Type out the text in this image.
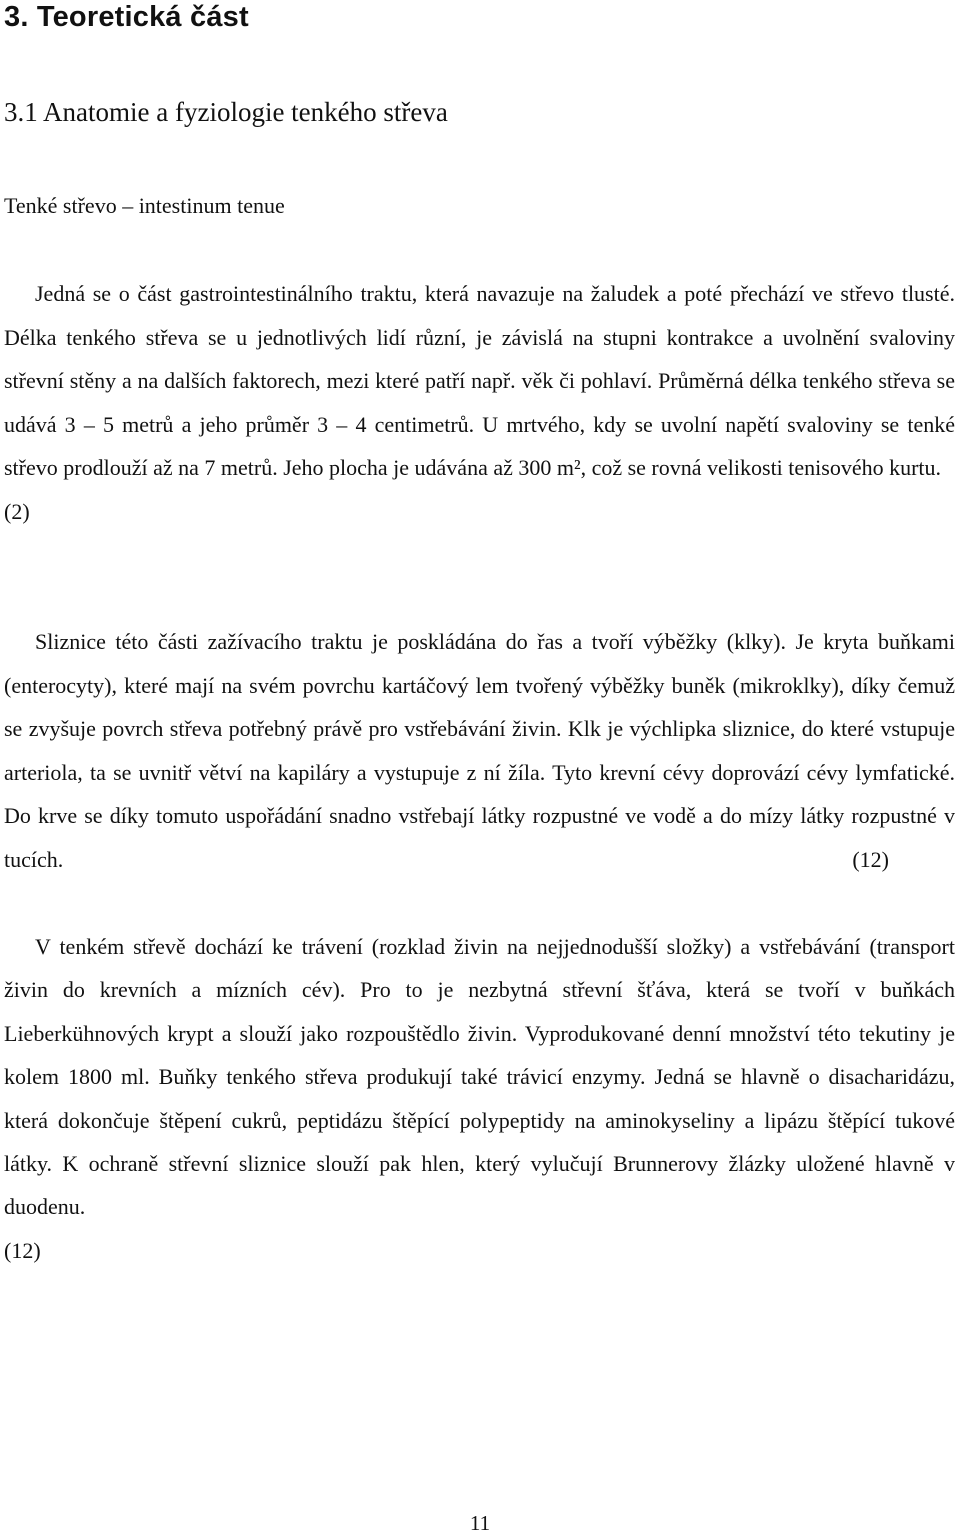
3. Teoretická část
3.1 Anatomie a fyziologie tenkého střeva

Tenké střevo – intestinum tenue

Jedná se o část gastrointestinálního traktu, která navazuje na žaludek a poté přechází ve střevo tlusté. Délka tenkého střeva se u jednotlivých lidí různí, je závislá na stupni kontrakce a uvolnění svaloviny střevní stěny a na dalších faktorech, mezi které patří např. věk či pohlaví. Průměrná délka tenkého střeva se udává 3 – 5 metrů a jeho průměr 3 – 4 centimetrů. U mrtvého, kdy se uvolní napětí svaloviny se tenké střevo prodlouží až na 7 metrů. Jeho plocha je udávána až 300 m², což se rovná velikosti tenisového kurtu.
(2)

Sliznice této části zažívacího traktu je poskládána do řas a tvoří výběžky (klky). Je kryta buňkami (enterocyty), které mají na svém povrchu kartáčový lem tvořený výběžky buněk (mikroklky), díky čemuž se zvyšuje povrch střeva potřebný právě pro vstřebávání živin. Klk je výchlipka sliznice, do které vstupuje arteriola, ta se uvnitř větví na kapiláry a vystupuje z ní žíla. Tyto krevní cévy doprovází cévy lymfatické. Do krve se díky tomuto uspořádání snadno vstřebají látky rozpustné ve vodě a do mízy látky rozpustné v tucích.	(12)

V tenkém střevě dochází ke trávení (rozklad živin na nejjednodušší složky) a vstřebávání (transport živin do krevních a mízních cév). Pro to je nezbytná střevní šťáva, která se tvoří v buňkách Lieberkühnových krypt a slouží jako rozpouštědlo živin. Vyprodukované denní množství této tekutiny je kolem 1800 ml. Buňky tenkého střeva produkují také trávicí enzymy. Jedná se hlavně o disacharidázu, která dokončuje štěpení cukrů, peptidázu štěpící polypeptidy na aminokyseliny a lipázu štěpící tukové látky. K ochraně střevní sliznice slouží pak hlen, který vylučují Brunnerovy žlázky uložené hlavně v duodenu.
(12)

11
